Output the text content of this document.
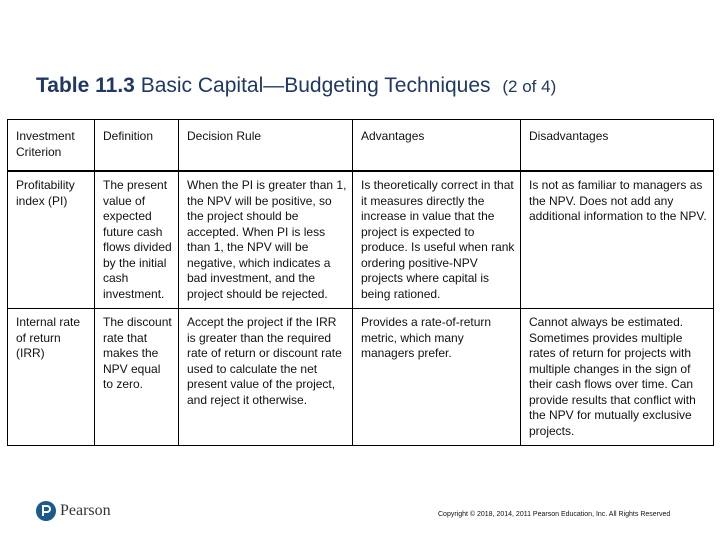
Table 11.3 Basic Capital—Budgeting Techniques (2 of 4)
Investment Criterion	Definition	Decision Rule	Advantages	Disadvantages
Profitability index (PI)	The present value of expected future cash flows divided by the initial cash investment.	When the PI is greater than 1, the NPV will be positive, so the project should be accepted. When PI is less than 1, the NPV will be negative, which indicates a bad investment, and the project should be rejected.	Is theoretically correct in that it measures directly the increase in value that the project is expected to produce. Is useful when rank ordering positive-NPV projects where capital is being rationed.	Is not as familiar to managers as the NPV. Does not add any additional information to the NPV.
Internal rate of return (IRR)	The discount rate that makes the NPV equal to zero.	Accept the project if the IRR is greater than the required rate of return or discount rate used to calculate the net present value of the project, and reject it otherwise.	Provides a rate-of-return metric, which many managers prefer.	Cannot always be estimated. Sometimes provides multiple rates of return for projects with multiple changes in the sign of their cash flows over time. Can provide results that conflict with the NPV for mutually exclusive projects.
Pearson	Copyright © 2018, 2014, 2011 Pearson Education, Inc. All Rights Reserved
